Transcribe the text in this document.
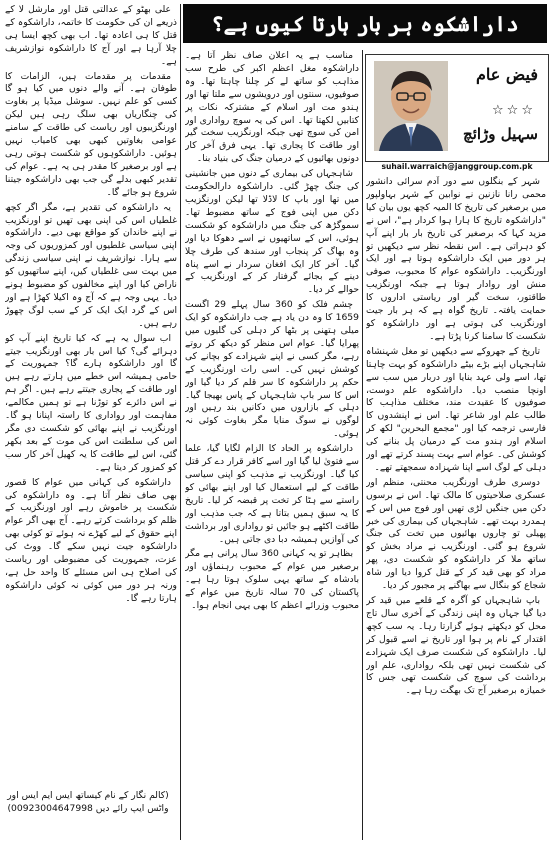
داراشکوہ ہر بار ہارتا کیوں ہے؟
فیض عام
☆☆☆
سہیل وڑائچ
suhail.warraich@janggroup.com.pk

شہر کے بنگلوں سے دور آدم سرائی دانشور محمی رانا نازنین نے نوابین کے شہر بہاولپور میں برصغیر کی تاریخ کا المیہ کچھ یوں بیان کیا "داراشکوہ تاریخ کا ہارا ہوا کردار ہے"، اس نے مزید کہا کہ برصغیر کی تاریخ بار بار اپنے آپ کو دہراتی ہے۔ اس نقطہ نظر سے دیکھیں تو ہر دور میں ایک داراشکوہ ہوتا ہے اور ایک اورنگزیب۔ داراشکوہ عوام کا محبوب، صوفی منش اور روادار ہوتا ہے جبکہ اورنگزیب طاقتور، سخت گیر اور ریاستی اداروں کا حمایت یافتہ۔ تاریخ گواہ ہے کہ ہر بار جیت اورنگزیب کی ہوتی ہے اور داراشکوہ کو شکست کا سامنا کرنا پڑتا ہے۔

تاریخ کے جھروکے سے دیکھیں تو مغل شہنشاہ شاہجہاں اپنے بڑے بیٹے داراشکوہ کو بہت چاہتا تھا، اسے ولی عہد بنایا اور دربار میں سب سے اونچا منصب دیا۔ داراشکوہ علم دوست، صوفیوں کا عقیدت مند، مختلف مذاہب کا طالب علم اور شاعر تھا۔ اس نے اپنشدوں کا فارسی ترجمہ کیا اور "مجمع البحرین" لکھ کر اسلام اور ہندو مت کے درمیان پل بنانے کی کوشش کی۔ عوام اسے بہت پسند کرتے تھے اور دہلی کے لوگ اسے اپنا شہزادہ سمجھتے تھے۔

دوسری طرف اورنگزیب محنتی، منظم اور عسکری صلاحیتوں کا مالک تھا۔ اس نے برسوں دکن میں جنگیں لڑی تھیں اور فوج میں اس کے ہمدرد بہت تھے۔ شاہجہاں کی بیماری کی خبر پھیلی تو چاروں بھائیوں میں تخت کی جنگ شروع ہو گئی۔ اورنگزیب نے مراد بخش کو ساتھ ملا کر داراشکوہ کو شکست دی، پھر مراد کو بھی قید کر کے قتل کروا دیا اور شاہ شجاع کو بنگال سے بھاگنے پر مجبور کر دیا۔

باپ شاہجہاں کو آگرہ کے قلعے میں قید کر دیا گیا جہاں وہ اپنی زندگی کے آخری سال تاج محل کو دیکھتے ہوئے گزارتا رہا۔ یہ سب کچھ اقتدار کے نام پر ہوا اور تاریخ نے اسے قبول کر لیا۔ داراشکوہ کی شکست صرف ایک شہزادے کی شکست نہیں تھی بلکہ رواداری، علم اور برداشت کی سوچ کی شکست تھی جس کا خمیازہ برصغیر آج تک بھگت رہا ہے۔

مناسب ہے یہ اعلان صاف نظر آتا ہے۔ داراشکوہ مغل اعظم اکبر کی طرح سب مذاہب کو ساتھ لے کر چلنا چاہتا تھا۔ وہ صوفیوں، سنتوں اور درویشوں سے ملتا تھا اور ہندو مت اور اسلام کے مشترکہ نکات پر کتابیں لکھتا تھا۔ اس کی یہ سوچ رواداری اور امن کی سوچ تھی جبکہ اورنگزیب سخت گیر اور طاقت کا پجاری تھا۔ یہی فرق آخر کار دونوں بھائیوں کے درمیان جنگ کی بنیاد بنا۔

شاہجہاں کی بیماری کے دنوں میں جانشینی کی جنگ چھڑ گئی۔ داراشکوہ دارالحکومت میں تھا اور باپ کا لاڈلا تھا لیکن اورنگزیب دکن میں اپنی فوج کے ساتھ مضبوط تھا۔ سموگڑھ کی جنگ میں داراشکوہ کو شکست ہوئی، اس کے ساتھیوں نے اسے دھوکا دیا اور وہ بھاگ کر پنجاب اور سندھ کی طرف چلا گیا۔ آخر کار ایک افغان سردار نے اسے پناہ دینے کے بجائے گرفتار کر کے اورنگزیب کے حوالے کر دیا۔

چشم فلک کو 360 سال پہلے 29 اگست 1659 کا وہ دن یاد ہے جب داراشکوہ کو ایک میلی ہتھنی پر بٹھا کر دہلی کی گلیوں میں پھرایا گیا۔ عوام اس منظر کو دیکھ کر روتے رہے، مگر کسی نے اپنے شہزادے کو بچانے کی کوشش نہیں کی۔ اسی رات اورنگزیب کے حکم پر داراشکوہ کا سر قلم کر دیا گیا اور اس کا سر باپ شاہجہاں کے پاس بھیجا گیا۔ دہلی کے بازاروں میں دکانیں بند رہیں اور لوگوں نے سوگ منایا مگر بغاوت کوئی نہ ہوئی۔

داراشکوہ پر الحاد کا الزام لگایا گیا، علما سے فتویٰ لیا گیا اور اسے کافر قرار دے کر قتل کیا گیا۔ اورنگزیب نے مذہب کو اپنی سیاسی طاقت کے لیے استعمال کیا اور اپنے بھائی کو راستے سے ہٹا کر تخت پر قبضہ کر لیا۔ تاریخ کا یہ سبق ہمیں بتاتا ہے کہ جب مذہب اور طاقت اکٹھے ہو جائیں تو رواداری اور برداشت کی آوازیں ہمیشہ دبا دی جاتی ہیں۔

بظاہر تو یہ کہانی 360 سال پرانی ہے مگر برصغیر میں عوام کے محبوب رہنماؤں اور بادشاہ کے ساتھ یہی سلوک ہوتا رہا ہے۔ پاکستان کی 70 سالہ تاریخ میں عوام کے محبوب وزرائے اعظم کا بھی یہی انجام ہوا۔

علی بھٹو کے عدالتی قتل اور مارشل لا کے ذریعے ان کی حکومت کا خاتمہ، داراشکوہ کے قتل کا ہی اعادہ تھا۔ اب بھی کچھ ایسا ہی چلا آرہا ہے اور آج کا داراشکوہ نوازشریف ہے۔

مقدمات پر مقدمات ہیں، الزامات کا طوفان ہے۔ آنے والے دنوں میں کیا ہو گا کسی کو علم نہیں۔ سوشل میڈیا پر بغاوت کی چنگاریاں بھی سلگ رہی ہیں لیکن اورنگزیبوں اور ریاست کی طاقت کے سامنے عوامی بغاوتیں کبھی بھی کامیاب نہیں ہوئیں۔ داراشکوہوں کو شکست ہوتی رہی ہے اور برصغیر کا مقدر ہی یہ ہے۔ عوام کی تقدیر کبھی بدلے گی جب بھی داراشکوہ جیتنا شروع ہو جائے گا۔

یہ داراشکوہ کی تقدیر ہے، مگر اگر کچھ غلطیاں اس کی اپنی بھی تھیں تو اورنگزیب نے اپنے خاندان کو مواقع بھی دیے۔ داراشکوہ اپنی سیاسی غلطیوں اور کمزوریوں کی وجہ سے ہارا۔ نوازشریف نے اپنی سیاسی زندگی میں بہت سی غلطیاں کیں، اپنے ساتھیوں کو ناراض کیا اور اپنے مخالفوں کو مضبوط ہونے دیا۔ یہی وجہ ہے کہ آج وہ اکیلا کھڑا ہے اور اس کے گرد ایک ایک کر کے سب لوگ چھوڑ رہے ہیں۔

اب سوال یہ ہے کہ کیا تاریخ اپنے آپ کو دہرائے گی؟ کیا اس بار بھی اورنگزیب جیتے گا اور داراشکوہ ہارے گا؟ جمہوریت کے حامی ہمیشہ اس خطے میں ہارتے رہے ہیں اور طاقت کے پجاری جیتتے رہے ہیں۔ اگر ہم نے اس دائرے کو توڑنا ہے تو ہمیں مکالمے، مفاہمت اور رواداری کا راستہ اپنانا ہو گا۔ اورنگزیب نے اپنے بھائی کو شکست دی مگر اس کی سلطنت اس کی موت کے بعد بکھر گئی، اس لیے طاقت کا یہ کھیل آخر کار سب کو کمزور کر دیتا ہے۔

داراشکوہ کی کہانی میں عوام کا قصور بھی صاف نظر آتا ہے۔ وہ داراشکوہ کی شکست پر خاموش رہے اور اورنگزیب کے ظلم کو برداشت کرتے رہے۔ آج بھی اگر عوام اپنے حقوق کے لیے کھڑے نہ ہوئے تو کوئی بھی داراشکوہ جیت نہیں سکے گا۔ ووٹ کی عزت، جمہوریت کی مضبوطی اور ریاست کی اصلاح ہی اس مسئلے کا واحد حل ہے، ورنہ ہر دور میں کوئی نہ کوئی داراشکوہ ہارتا رہے گا۔

(کالم نگار کے نام کیساتھ ایس ایم ایس اور
واٹس ایپ رائے دیں 00923004647998)
